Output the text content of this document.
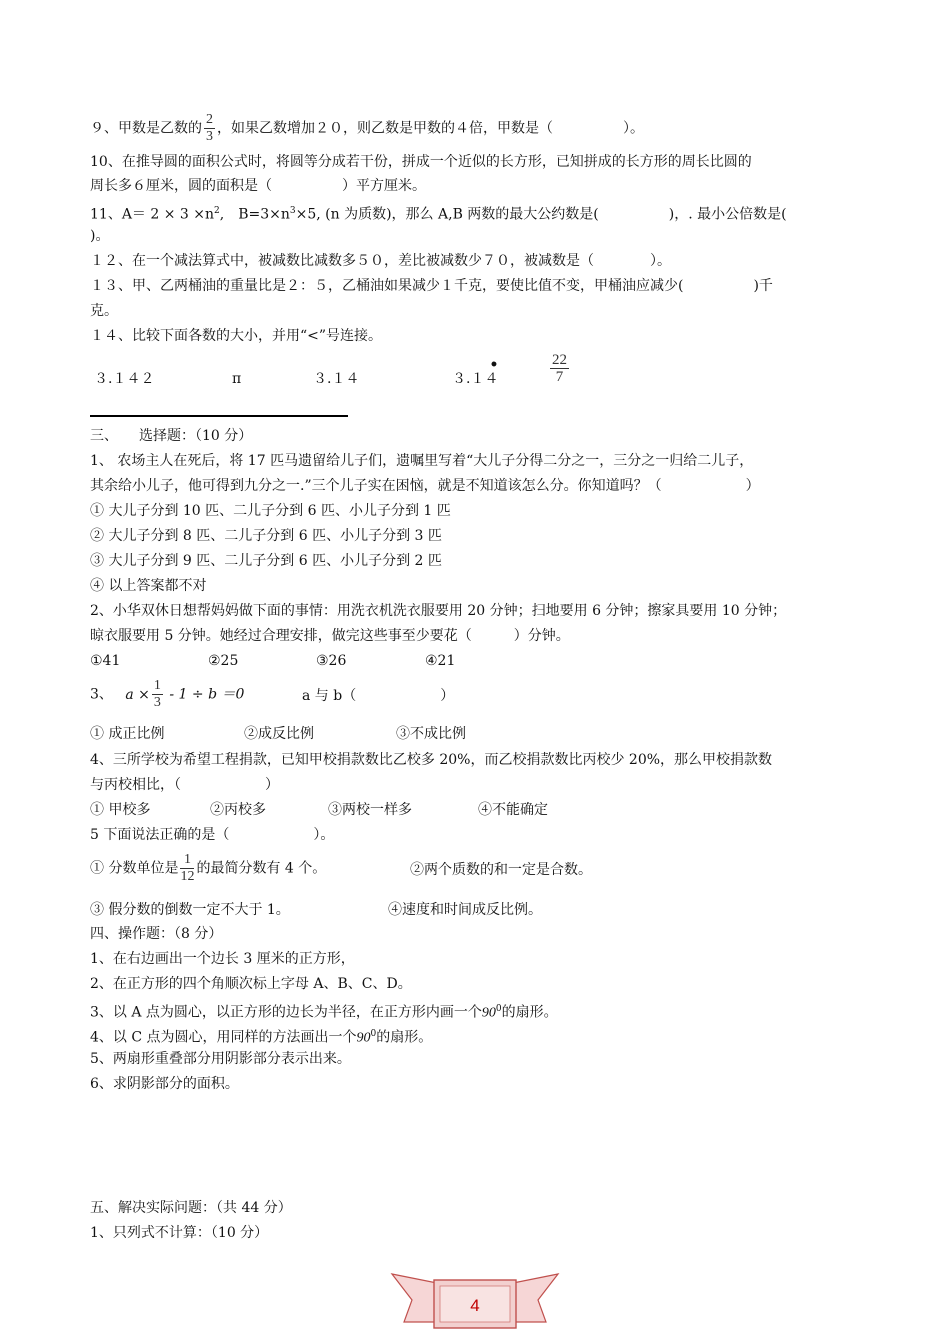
９、甲数是乙数的 $\frac{2}{3}$ ，如果乙数增加２０，则乙数是甲数的４倍，甲数是（　　　　　）。
10、在推导圆的面积公式时，将圆等分成若干份，拼成一个近似的长方形，已知拼成的长方形的周长比圆的
周长多６厘米，圆的面积是（　　　　　）平方厘米。
11、$A= 2 \times 3 \times n^2$,　$B=3\times n^3\times 5$, (n 为质数)，那么 A,B 两数的最大公约数是(　　　　　)，. 最小公倍数是(
)。
１２、在一个减法算式中，被减数比减数多５０，差比被减数少７０，被减数是（　　　　）。
１３、甲、乙两桶油的重量比是２：５，乙桶油如果减少１千克，要使比值不变，甲桶油应减少(　　　　　)千
克。
１４、比较下面各数的大小，并用“<”号连接。
３.１４２	π	３.１４	３.１４
•	$\frac{22}{7}$
三、　　选择题：（10 分）
1、 农场主人在死后，将 17 匹马遗留给儿子们，遗嘱里写着“大儿子分得二分之一，三分之一归给二儿子，
其余给小儿子，他可得到九分之一.”三个儿子实在困恼，就是不知道该怎么分。你知道吗？（　　　　　　）
① 大儿子分到 10 匹、二儿子分到 6 匹、小儿子分到 1 匹
② 大儿子分到 8 匹、二儿子分到 6 匹、小儿子分到 3 匹
③ 大儿子分到 9 匹、二儿子分到 6 匹、小儿子分到 2 匹
④ 以上答案都不对
2、小华双休日想帮妈妈做下面的事情：用洗衣机洗衣服要用 20 分钟；扫地要用 6 分钟；擦家具要用 10 分钟；
晾衣服要用 5 分钟。她经过合理安排，做完这些事至少要花（　　　）分钟。
①41	②25	③26	④21
3、 $a \times \frac{1}{3} - 1 \div b =0$	a 与 b（　　　　　　）
① 成正比例	②成反比例	③不成比例
4、三所学校为希望工程捐款，已知甲校捐款数比乙校多 20%，而乙校捐款数比丙校少 20%，那么甲校捐款数
与丙校相比，（　　　　　　）
① 甲校多	②丙校多	③两校一样多	④不能确定
5 下面说法正确的是（　　　　　　）。
① 分数单位是 $\frac{1}{12}$ 的最简分数有 4 个。	②两个质数的和一定是合数。
③ 假分数的倒数一定不大于 1。	④速度和时间成反比例。
四、操作题：（8 分）
1、在右边画出一个边长 3 厘米的正方形，
2、在正方形的四个角顺次标上字母 A、B、C、D。
3、以 A 点为圆心，以正方形的边长为半径，在正方形内画一个$90^0$的扇形。
4、以 C 点为圆心，用同样的方法画出一个$90^0$的扇形。
5、两扇形重叠部分用阴影部分表示出来。
6、求阴影部分的面积。
五、解决实际问题：（共 44 分）
1、只列式不计算：（10 分）
4
